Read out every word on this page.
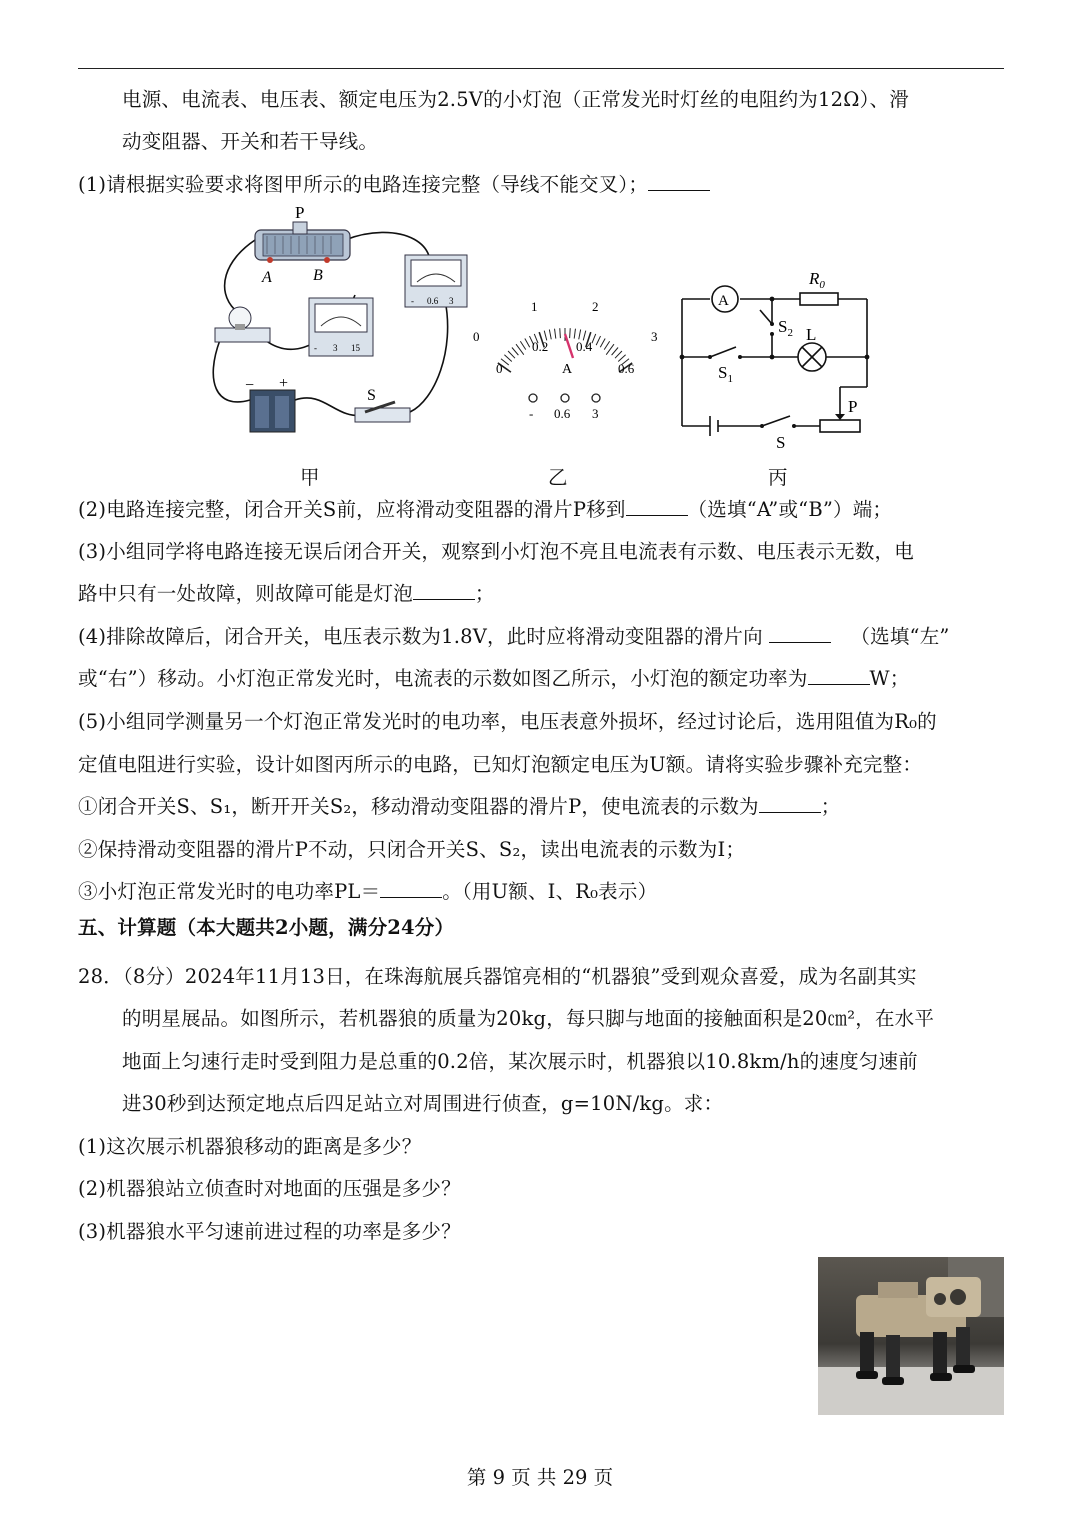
电源、电流表、电压表、额定电压为2.5V的小灯泡（正常发光时灯丝的电阻约为12Ω）、滑
动变阻器、开关和若干导线。
(1)请根据实验要求将图甲所示的电路连接完整（导线不能交叉）；
P
A	B
- 3 15
- 0.6 3
− +
S
甲
0
1	2
3
0
0.2 0.4
0.6
A
- 0.6 3
乙
A
$R_0$
$S_2$ L
$S_1$
S
P
丙
(2)电路连接完整，闭合开关S前，应将滑动变阻器的滑片P移到	（选填“A”或“B”）端；
(3)小组同学将电路连接无误后闭合开关，观察到小灯泡不亮且电流表有示数、电压表示无数，电
路中只有一处故障，则故障可能是灯泡	；
(4)排除故障后，闭合开关，电压表示数为1.8V，此时应将滑动变阻器的滑片向	（选填“左”
或“右”）移动。小灯泡正常发光时，电流表的示数如图乙所示，小灯泡的额定功率为	W；
(5)小组同学测量另一个灯泡正常发光时的电功率，电压表意外损坏，经过讨论后，选用阻值为R₀的
定值电阻进行实验，设计如图丙所示的电路，已知灯泡额定电压为U额。请将实验步骤补充完整：
①闭合开关S、S₁，断开开关S₂，移动滑动变阻器的滑片P，使电流表的示数为	；
②保持滑动变阻器的滑片P不动，只闭合开关S、S₂，读出电流表的示数为I；
③小灯泡正常发光时的电功率PL＝	。（用U额、I、R₀表示）
五、计算题（本大题共2小题，满分24分）
28．（8分）2024年11月13日，在珠海航展兵器馆亮相的“机器狼”受到观众喜爱，成为名副其实
的明星展品。如图所示，若机器狼的质量为20kg，每只脚与地面的接触面积是20㎝²，在水平
地面上匀速行走时受到阻力是总重的0.2倍，某次展示时，机器狼以10.8km/h的速度匀速前
进30秒到达预定地点后四足站立对周围进行侦查，g=10N/kg。求：
(1)这次展示机器狼移动的距离是多少？
(2)机器狼站立侦查时对地面的压强是多少？
(3)机器狼水平匀速前进过程的功率是多少？
第 9 页 共 29 页
